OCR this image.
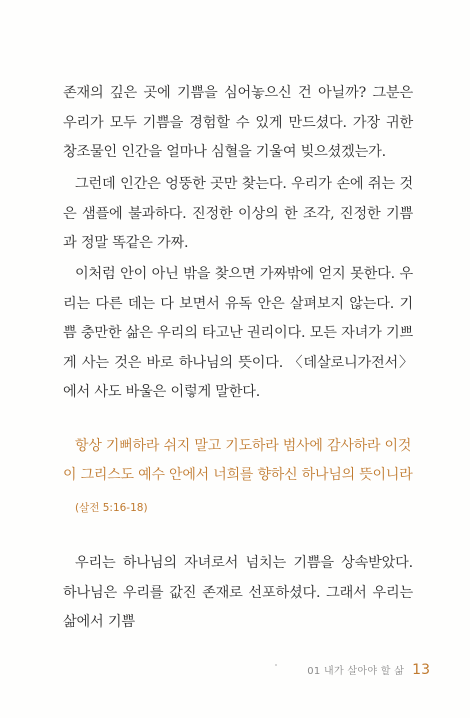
존재의 깊은 곳에 기쁨을 심어놓으신 건 아닐까? 그분은 우리가 모두 기쁨을 경험할 수 있게 만드셨다. 가장 귀한 창조물인 인간을 얼마나 심혈을 기울여 빚으셨겠는가.

그런데 인간은 엉뚱한 곳만 찾는다. 우리가 손에 쥐는 것은 샘플에 불과하다. 진정한 이상의 한 조각, 진정한 기쁨과 정말 똑같은 가짜.

이처럼 안이 아닌 밖을 찾으면 가짜밖에 얻지 못한다. 우리는 다른 데는 다 보면서 유독 안은 살펴보지 않는다. 기쁨 충만한 삶은 우리의 타고난 권리이다. 모든 자녀가 기쁘게 사는 것은 바로 하나님의 뜻이다. 〈데살로니가전서〉에서 사도 바울은 이렇게 말한다.

항상 기뻐하라 쉬지 말고 기도하라 범사에 감사하라 이것이 그리스도 예수 안에서 너희를 향하신 하나님의 뜻이니라

(살전 5:16-18)

우리는 하나님의 자녀로서 넘치는 기쁨을 상속받았다. 하나님은 우리를 값진 존재로 선포하셨다. 그래서 우리는 삶에서 기쁨

01 내가 살아야 할 삶 13
